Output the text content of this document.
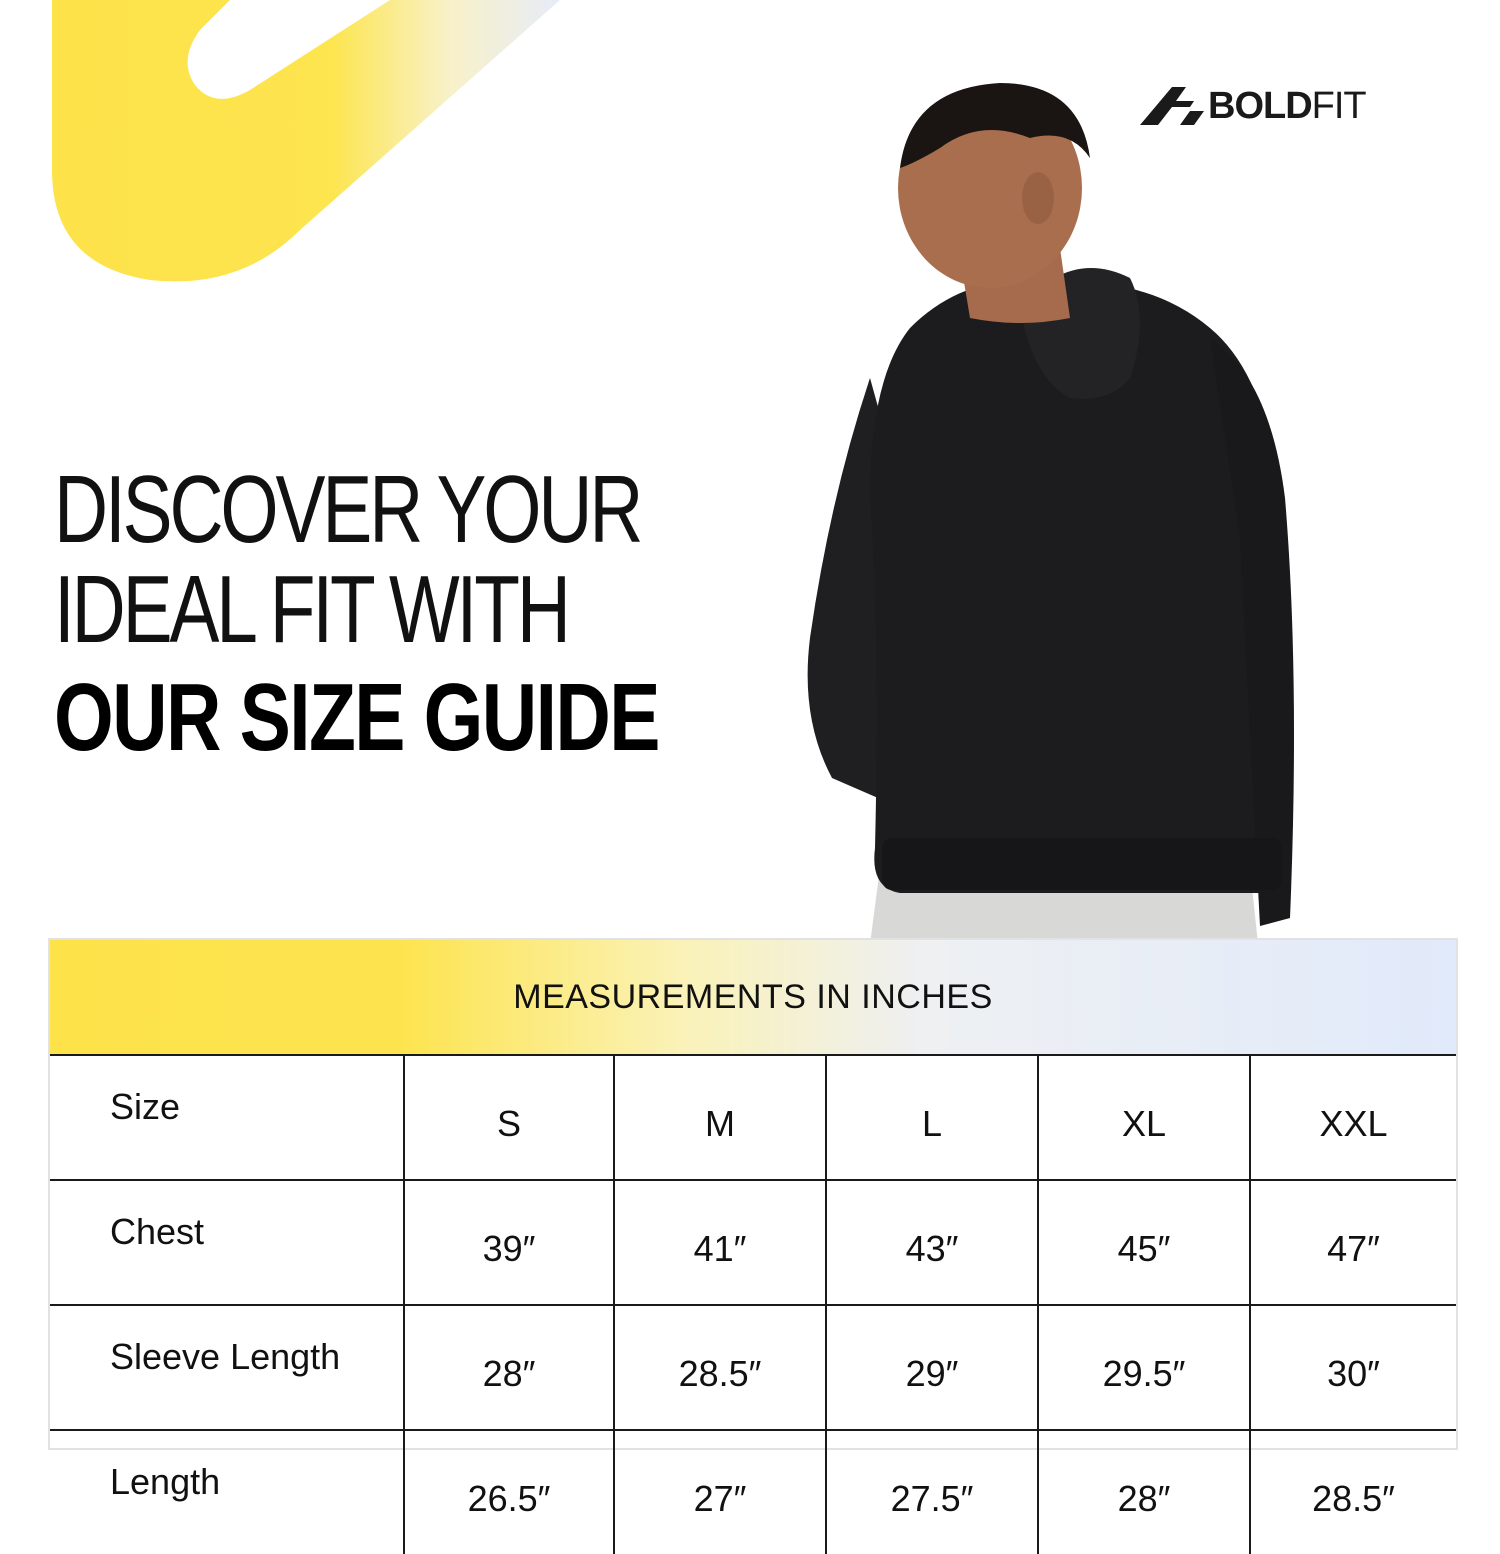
BOLDFIT
DISCOVER YOUR
IDEAL FIT WITH
OUR SIZE GUIDE
MEASUREMENTS IN INCHES
Size	S	M	L	XL	XXL
Chest	39″	41″	43″	45″	47″
Sleeve Length	28″	28.5″	29″	29.5″	30″
Length	26.5″	27″	27.5″	28″	28.5″
